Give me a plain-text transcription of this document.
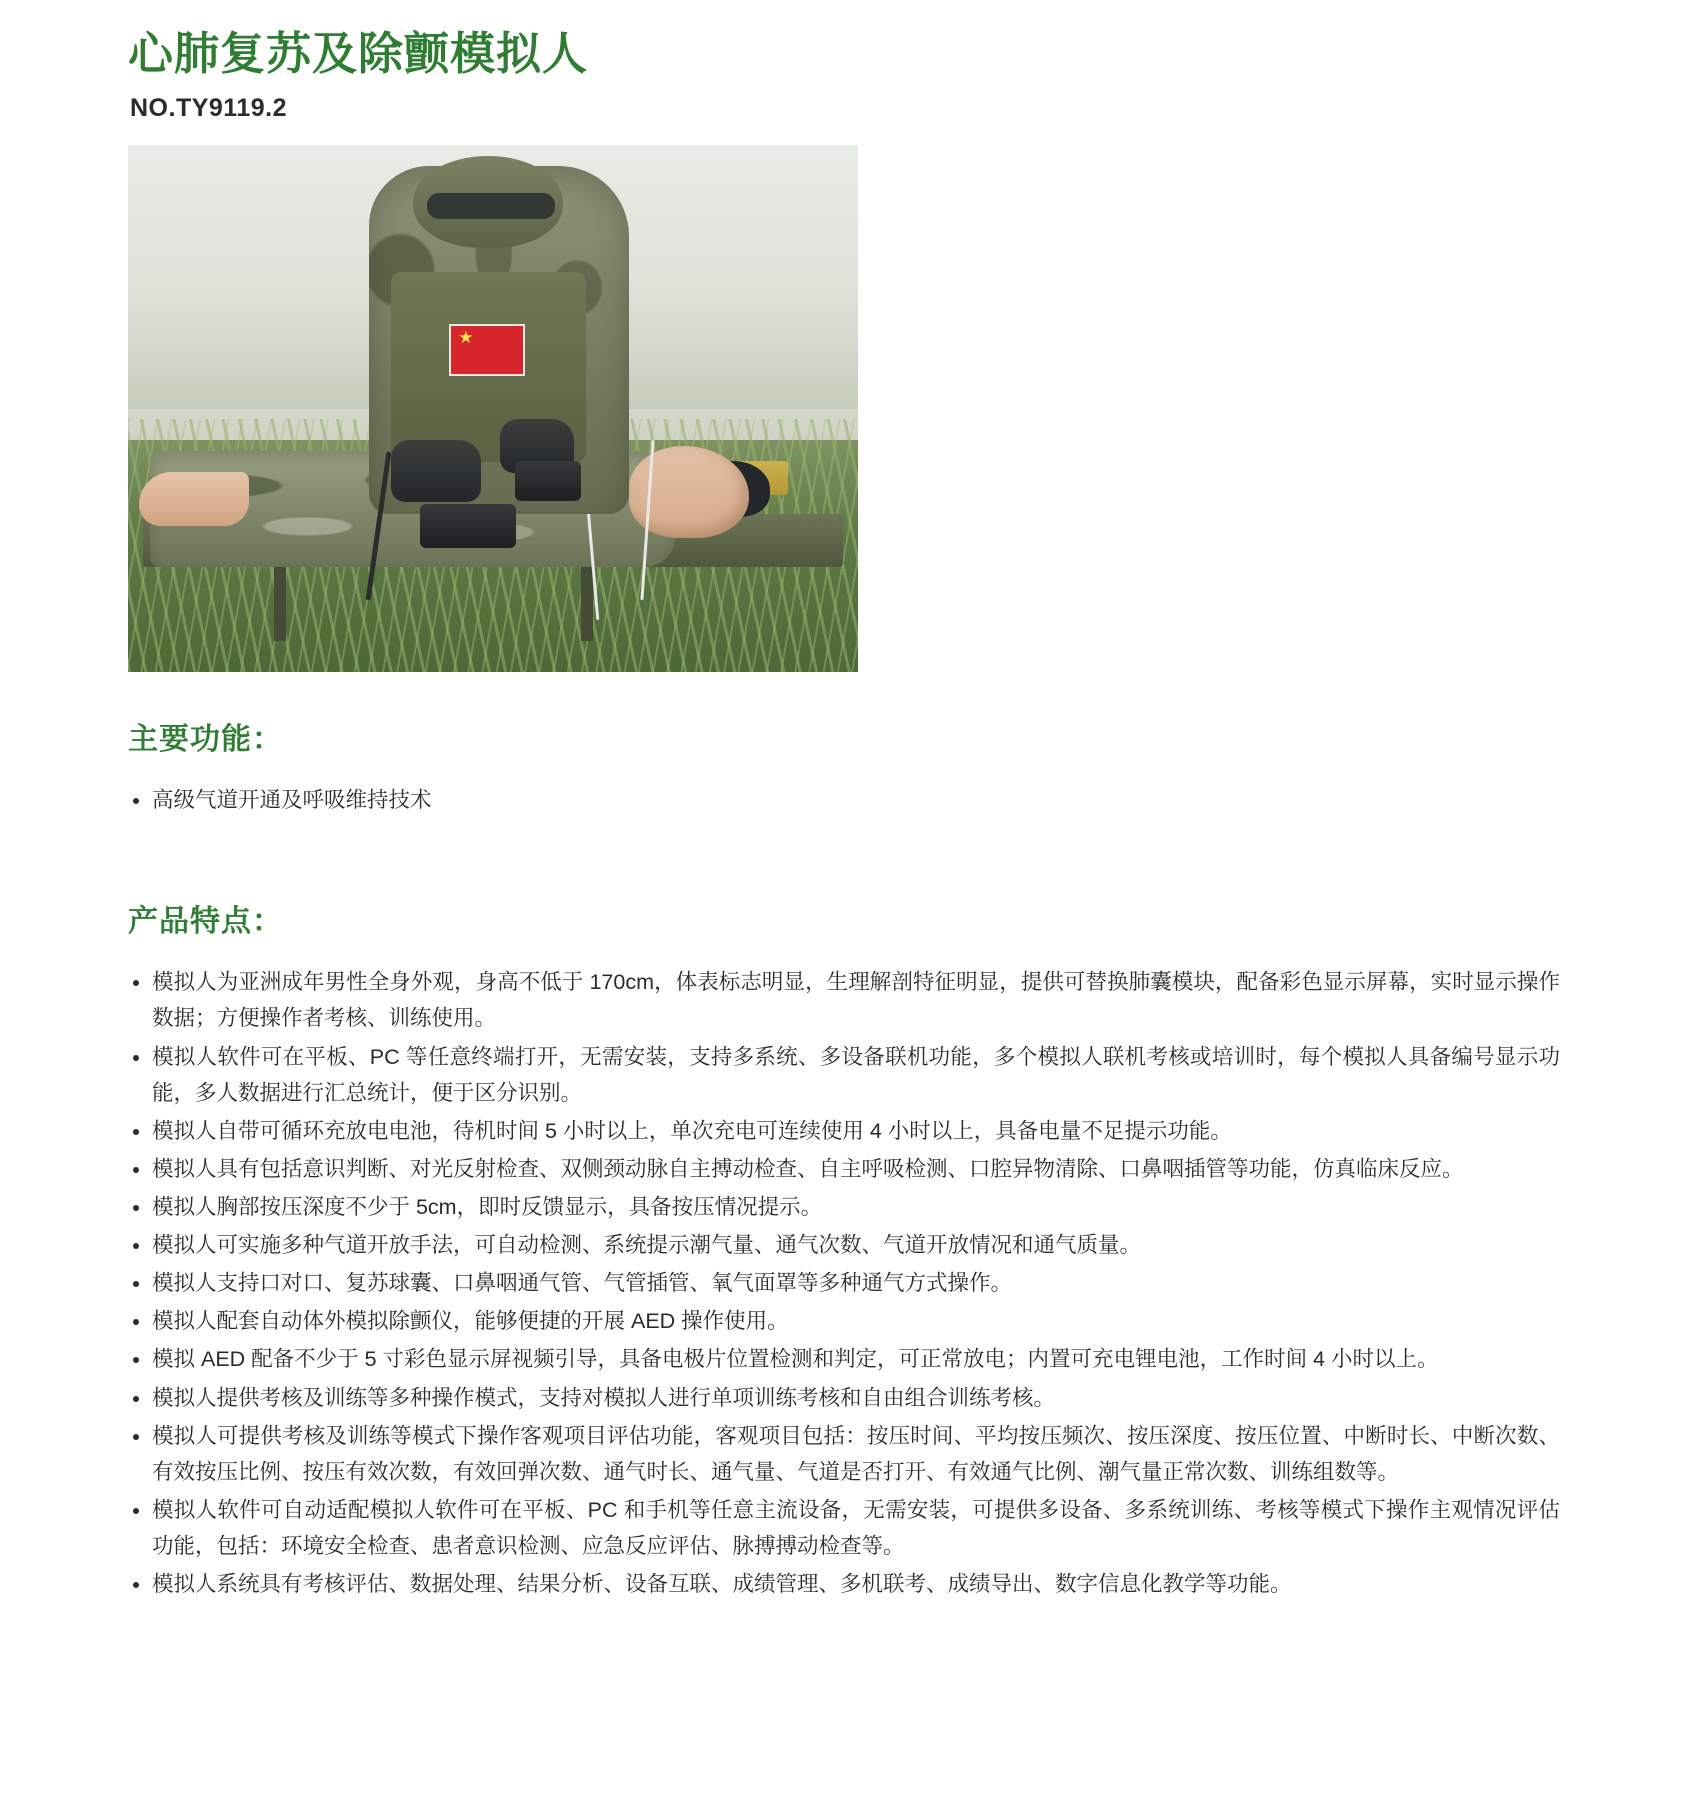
心肺复苏及除颤模拟人
NO.TY9119.2
★
主要功能：
高级气道开通及呼吸维持技术
产品特点：
模拟人为亚洲成年男性全身外观，身高不低于 170cm，体表标志明显，生理解剖特征明显，提供可替换肺囊模块，配备彩色显示屏幕，实时显示操作数据；方便操作者考核、训练使用。
模拟人软件可在平板、PC 等任意终端打开，无需安装，支持多系统、多设备联机功能，多个模拟人联机考核或培训时，每个模拟人具备编号显示功能，多人数据进行汇总统计，便于区分识别。
模拟人自带可循环充放电电池，待机时间 5 小时以上，单次充电可连续使用 4 小时以上，具备电量不足提示功能。
模拟人具有包括意识判断、对光反射检查、双侧颈动脉自主搏动检查、自主呼吸检测、口腔异物清除、口鼻咽插管等功能，仿真临床反应。
模拟人胸部按压深度不少于 5cm，即时反馈显示，具备按压情况提示。
模拟人可实施多种气道开放手法，可自动检测、系统提示潮气量、通气次数、气道开放情况和通气质量。
模拟人支持口对口、复苏球囊、口鼻咽通气管、气管插管、氧气面罩等多种通气方式操作。
模拟人配套自动体外模拟除颤仪，能够便捷的开展 AED 操作使用。
模拟 AED 配备不少于 5 寸彩色显示屏视频引导，具备电极片位置检测和判定，可正常放电；内置可充电锂电池，工作时间 4 小时以上。
模拟人提供考核及训练等多种操作模式，支持对模拟人进行单项训练考核和自由组合训练考核。
模拟人可提供考核及训练等模式下操作客观项目评估功能，客观项目包括：按压时间、平均按压频次、按压深度、按压位置、中断时长、中断次数、有效按压比例、按压有效次数，有效回弹次数、通气时长、通气量、气道是否打开、有效通气比例、潮气量正常次数、训练组数等。
模拟人软件可自动适配模拟人软件可在平板、PC 和手机等任意主流设备，无需安装，可提供多设备、多系统训练、考核等模式下操作主观情况评估功能，包括：环境安全检查、患者意识检测、应急反应评估、脉搏搏动检查等。
模拟人系统具有考核评估、数据处理、结果分析、设备互联、成绩管理、多机联考、成绩导出、数字信息化教学等功能。
